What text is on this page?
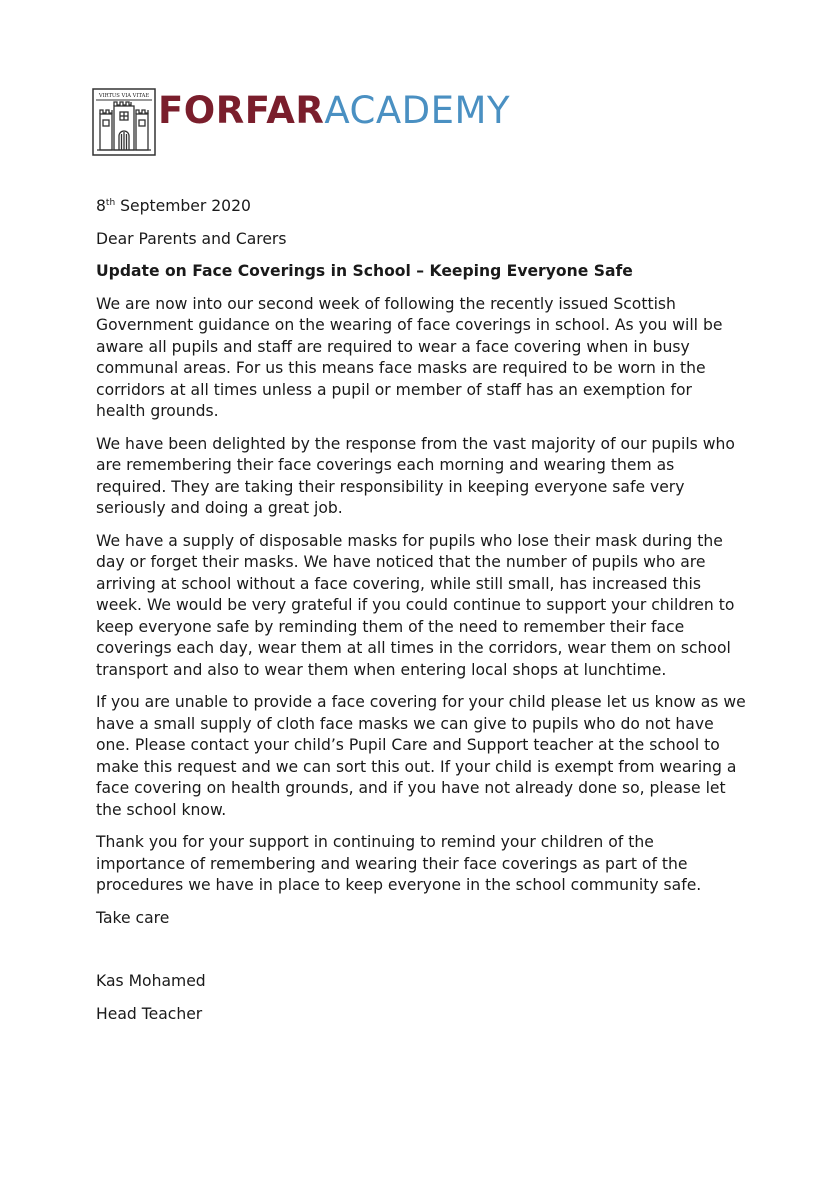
VIRTUS VIA VITAE FORFARACADEMY
8th September 2020
Dear Parents and Carers
Update on Face Coverings in School – Keeping Everyone Safe

We are now into our second week of following the recently issued Scottish Government guidance on the wearing of face coverings in school. As you will be aware all pupils and staff are required to wear a face covering when in busy communal areas. For us this means face masks are required to be worn in the corridors at all times unless a pupil or member of staff has an exemption for health grounds.

We have been delighted by the response from the vast majority of our pupils who are remembering their face coverings each morning and wearing them as required. They are taking their responsibility in keeping everyone safe very seriously and doing a great job.

We have a supply of disposable masks for pupils who lose their mask during the day or forget their masks. We have noticed that the number of pupils who are arriving at school without a face covering, while still small, has increased this week. We would be very grateful if you could continue to support your children to keep everyone safe by reminding them of the need to remember their face coverings each day, wear them at all times in the corridors, wear them on school transport and also to wear them when entering local shops at lunchtime.

If you are unable to provide a face covering for your child please let us know as we have a small supply of cloth face masks we can give to pupils who do not have one. Please contact your child’s Pupil Care and Support teacher at the school to make this request and we can sort this out. If your child is exempt from wearing a face covering on health grounds, and if you have not already done so, please let the school know.

Thank you for your support in continuing to remind your children of the importance of remembering and wearing their face coverings as part of the procedures we have in place to keep everyone in the school community safe.

Take care
Kas Mohamed
Head Teacher
